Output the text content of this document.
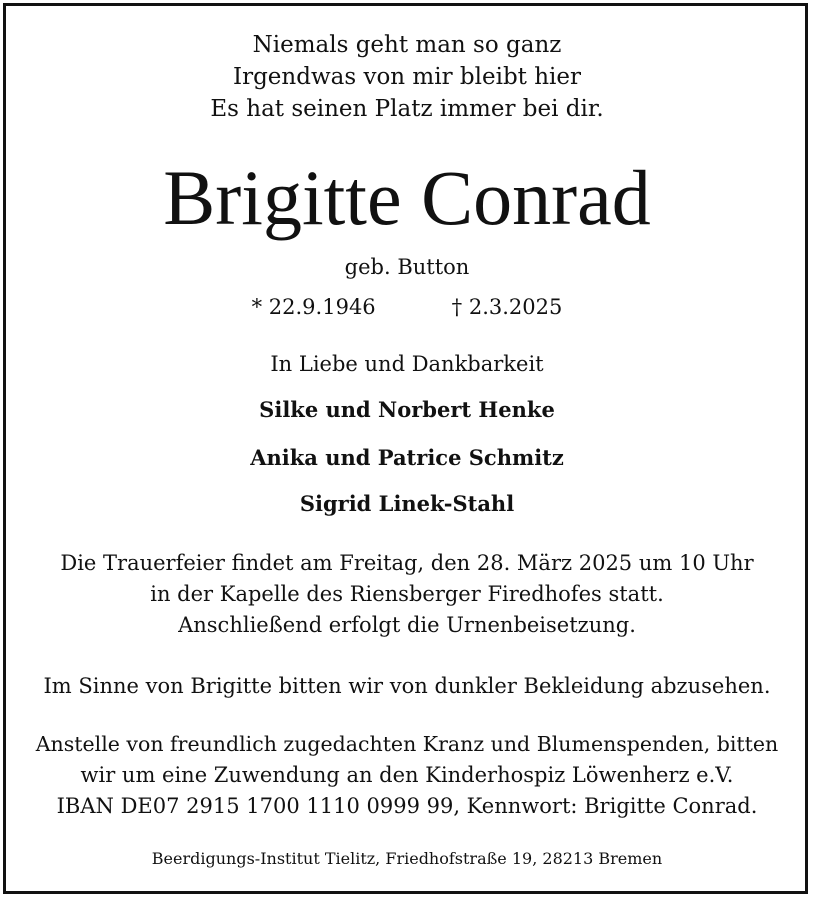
Niemals geht man so ganz

Irgendwas von mir bleibt hier

Es hat seinen Platz immer bei dir.

Brigitte Conrad

geb. Button

* 22.9.1946	† 2.3.2025

In Liebe und Dankbarkeit

Silke und Norbert Henke

Anika und Patrice Schmitz

Sigrid Linek-Stahl

Die Trauerfeier findet am Freitag, den 28. März 2025 um 10 Uhr

in der Kapelle des Riensberger Firedhofes statt.

Anschließend erfolgt die Urnenbeisetzung.

Im Sinne von Brigitte bitten wir von dunkler Bekleidung abzusehen.

Anstelle von freundlich zugedachten Kranz und Blumenspenden, bitten

wir um eine Zuwendung an den Kinderhospiz Löwenherz e.V.

IBAN DE07 2915 1700 1110 0999 99, Kennwort: Brigitte Conrad.

Beerdigungs-Institut Tielitz, Friedhofstraße 19, 28213 Bremen
